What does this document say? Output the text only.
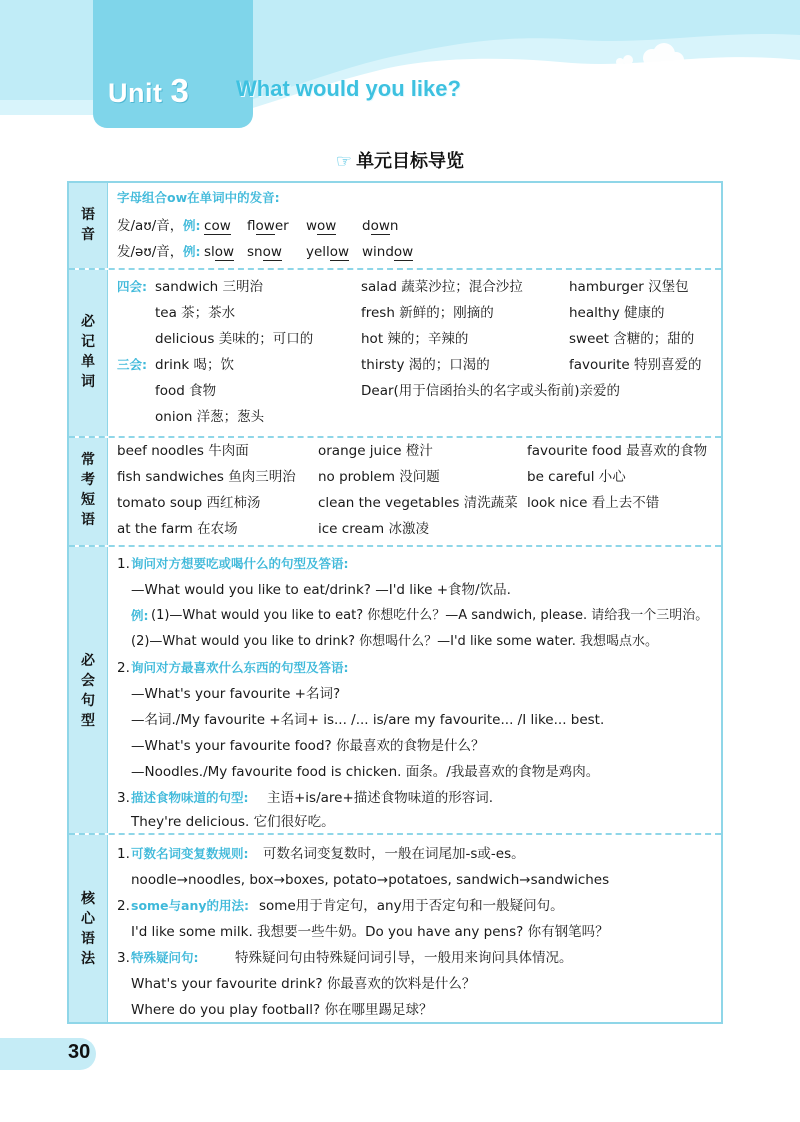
Unit 3 What would you like?
☞ 单元目标导览
语
音
字母组合ow在单词中的发音:
发/aʊ/音， 例: cow flower wow down
发/əʊ/音， 例: slow snow yellow window
必
记
单
词
四会: sandwich 三明治
tea 茶；茶水
delicious 美味的；可口的
三会: drink 喝；饮
food 食物
onion 洋葱；葱头
salad 蔬菜沙拉；混合沙拉
fresh 新鲜的；刚摘的
hot 辣的；辛辣的
thirsty 渴的；口渴的
Dear(用于信函抬头的名字或头衔前)亲爱的
hamburger 汉堡包
healthy 健康的
sweet 含糖的；甜的
favourite 特别喜爱的
常
考
短
语
beef noodles 牛肉面
fish sandwiches 鱼肉三明治
tomato soup 西红柿汤
at the farm 在农场
orange juice 橙汁
no problem 没问题
clean the vegetables 清洗蔬菜
ice cream 冰激凌
favourite food 最喜欢的食物
be careful 小心
look nice 看上去不错
必
会
句
型
1. 询问对方想要吃或喝什么的句型及答语:
—What would you like to eat/drink? —I'd like +食物/饮品.
例: (1)—What would you like to eat? 你想吃什么？—A sandwich, please. 请给我一个三明治。
(2)—What would you like to drink? 你想喝什么？—I'd like some water. 我想喝点水。
2. 询问对方最喜欢什么东西的句型及答语:
—What's your favourite +名词?
—名词./My favourite +名词+ is... /... is/are my favourite... /I like... best.
—What's your favourite food? 你最喜欢的食物是什么？
—Noodles./My favourite food is chicken. 面条。/我最喜欢的食物是鸡肉。
3. 描述食物味道的句型: 主语+is/are+描述食物味道的形容词.
They're delicious. 它们很好吃。
核
心
语
法
1. 可数名词变复数规则: 可数名词变复数时，一般在词尾加-s或-es。
noodle→noodles, box→boxes, potato→potatoes, sandwich→sandwiches
2. some与any的用法: some用于肯定句，any用于否定句和一般疑问句。
I'd like some milk. 我想要一些牛奶。Do you have any pens? 你有钢笔吗？
3. 特殊疑问句:	特殊疑问句由特殊疑问词引导，一般用来询问具体情况。
What's your favourite drink? 你最喜欢的饮料是什么？
Where do you play football? 你在哪里踢足球？
30
